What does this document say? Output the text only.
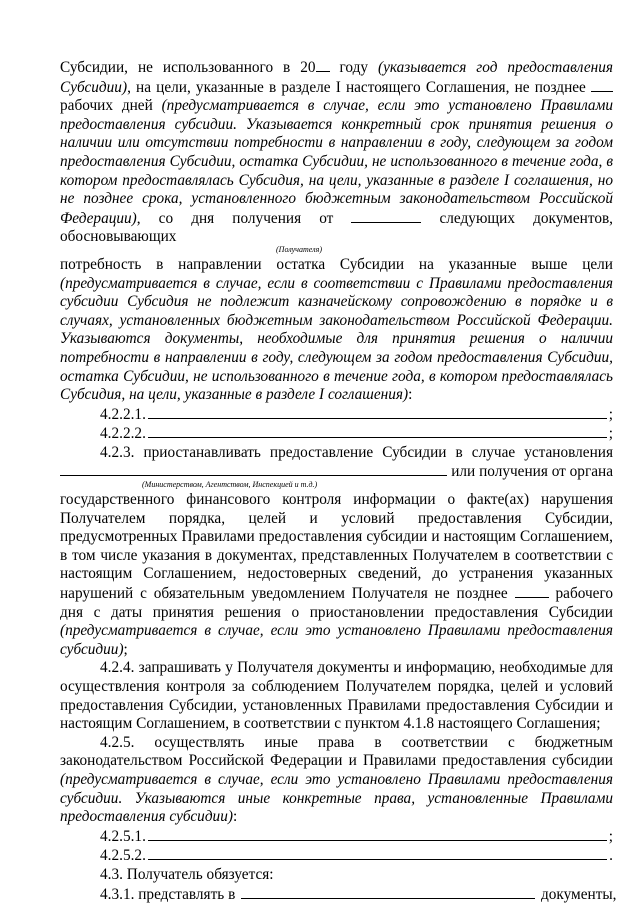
Субсидии, не использованного в 20 году (указывается год предоставления Субсидии), на цели, указанные в разделе I настоящего Соглашения, не позднее  рабочих дней (предусматривается в случае, если это установлено Правилами предоставления субсидии. Указывается конкретный срок принятия решения о наличии или отсутствии потребности в направлении в году, следующем за годом предоставления Субсидии, остатка Субсидии, не использованного в течение года, в котором предоставлялась Субсидия, на цели, указанные в разделе I соглашения, но не позднее срока, установленного бюджетным законодательством Российской Федерации), со дня получения от	следующих документов, обосновывающих

(Получателя)

потребность в направлении остатка Субсидии на указанные выше цели (предусматривается в случае, если в соответствии с Правилами предоставления субсидии Субсидия не подлежит казначейскому сопровождению в порядке и в случаях, установленных бюджетным законодательством Российской Федерации. Указываются документы, необходимые для принятия решения о наличии потребности в направлении в году, следующем за годом предоставления Субсидии, остатка Субсидии, не использованного в течение года, в котором предоставлялась Субсидия, на цели, указанные в разделе I соглашения):

4.2.2.1.	;
4.2.2.2.	;

4.2.3. приостанавливать предоставление Субсидии в случае установления

или получения от органа
(Министерством, Агентством, Инспекцией и т.д.)

государственного финансового контроля информации о факте(ах) нарушения Получателем порядка, целей и условий предоставления Субсидии, предусмотренных Правилами предоставления субсидии и настоящим Соглашением, в том числе указания в документах, представленных Получателем в соответствии с настоящим Соглашением, недостоверных сведений, до устранения указанных нарушений с обязательным уведомлением Получателя не позднее  рабочего дня с даты принятия решения о приостановлении предоставления Субсидии (предусматривается в случае, если это установлено Правилами предоставления субсидии);

4.2.4. запрашивать у Получателя документы и информацию, необходимые для осуществления контроля за соблюдением Получателем порядка, целей и условий предоставления Субсидии, установленных Правилами предоставления Субсидии и настоящим Соглашением, в соответствии с пунктом 4.1.8 настоящего Соглашения;

4.2.5. осуществлять иные права в соответствии с бюджетным законодательством Российской Федерации и Правилами предоставления субсидии (предусматривается в случае, если это установлено Правилами предоставления субсидии. Указываются иные конкретные права, установленные Правилами предоставления субсидии):

4.2.5.1.	;
4.2.5.2.	.

4.3. Получатель обязуется:

4.3.1. представлять в	документы,
